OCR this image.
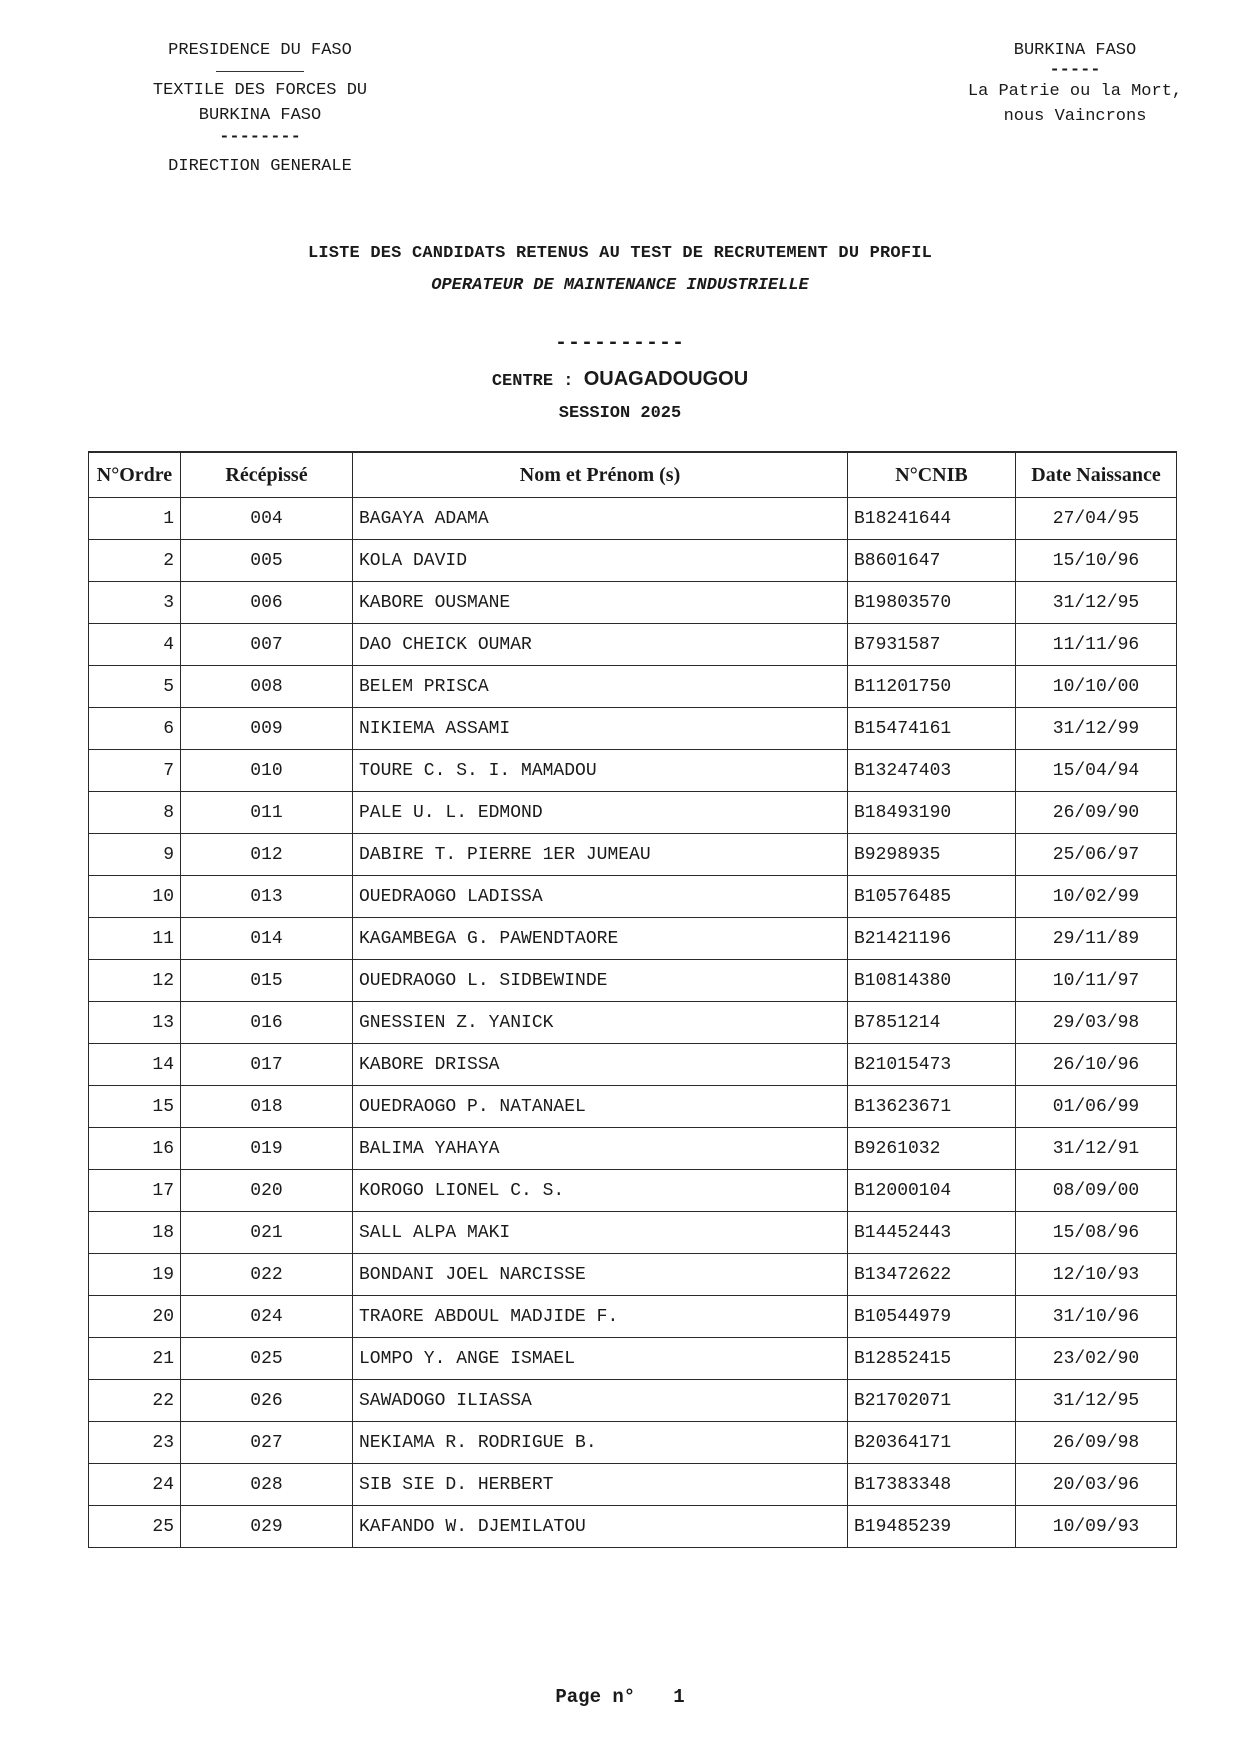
PRESIDENCE DU FASO
TEXTILE DES FORCES DU
BURKINA FASO
--------
DIRECTION GENERALE
BURKINA FASO
-----
La Patrie ou la Mort,
nous Vaincrons
LISTE DES CANDIDATS RETENUS AU TEST DE RECRUTEMENT DU PROFIL
OPERATEUR DE MAINTENANCE INDUSTRIELLE
----------
CENTRE : OUAGADOUGOU
SESSION 2025
N°Ordre	Récépissé	Nom et Prénom (s)	N°CNIB	Date Naissance
1	004	BAGAYA ADAMA	B18241644	27/04/95
2	005	KOLA DAVID	B8601647	15/10/96
3	006	KABORE OUSMANE	B19803570	31/12/95
4	007	DAO CHEICK OUMAR	B7931587	11/11/96
5	008	BELEM PRISCA	B11201750	10/10/00
6	009	NIKIEMA ASSAMI	B15474161	31/12/99
7	010	TOURE C. S. I. MAMADOU	B13247403	15/04/94
8	011	PALE U. L. EDMOND	B18493190	26/09/90
9	012	DABIRE T. PIERRE 1ER JUMEAU	B9298935	25/06/97
10	013	OUEDRAOGO LADISSA	B10576485	10/02/99
11	014	KAGAMBEGA G. PAWENDTAORE	B21421196	29/11/89
12	015	OUEDRAOGO L. SIDBEWINDE	B10814380	10/11/97
13	016	GNESSIEN Z. YANICK	B7851214	29/03/98
14	017	KABORE DRISSA	B21015473	26/10/96
15	018	OUEDRAOGO P. NATANAEL	B13623671	01/06/99
16	019	BALIMA YAHAYA	B9261032	31/12/91
17	020	KOROGO LIONEL C. S.	B12000104	08/09/00
18	021	SALL ALPA MAKI	B14452443	15/08/96
19	022	BONDANI JOEL NARCISSE	B13472622	12/10/93
20	024	TRAORE ABDOUL MADJIDE F.	B10544979	31/10/96
21	025	LOMPO Y. ANGE ISMAEL	B12852415	23/02/90
22	026	SAWADOGO ILIASSA	B21702071	31/12/95
23	027	NEKIAMA R. RODRIGUE B.	B20364171	26/09/98
24	028	SIB SIE D. HERBERT	B17383348	20/03/96
25	029	KAFANDO W. DJEMILATOU	B19485239	10/09/93
Page n° 1
